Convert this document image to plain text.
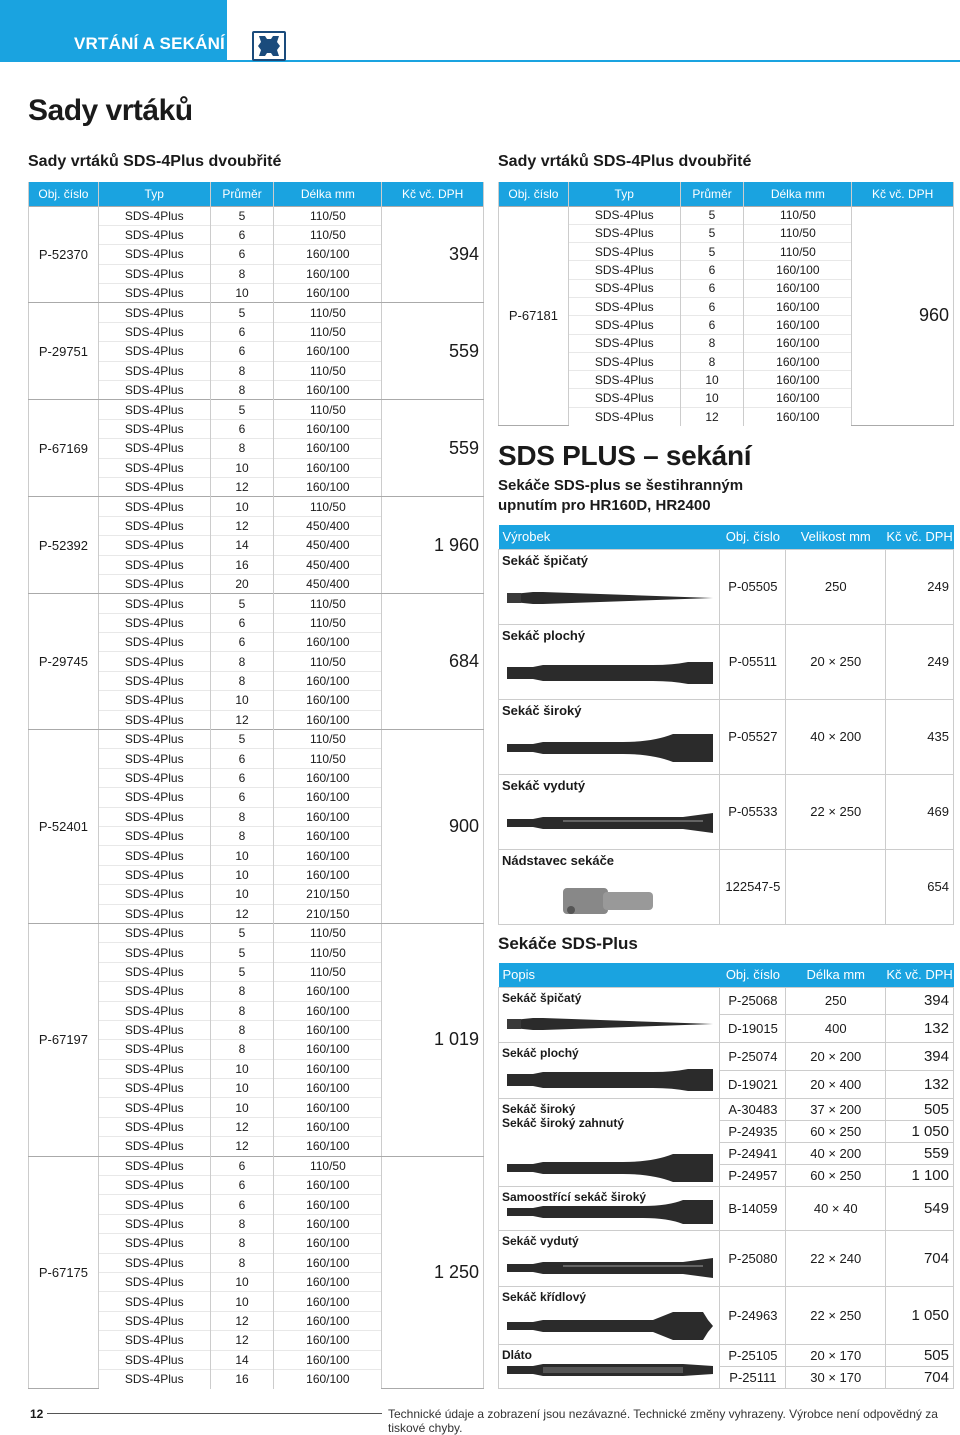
VRTÁNÍ A SEKÁNÍ
Sady vrtáků
Sady vrtáků SDS-4Plus dvoubřité
Obj. číslo	Typ	Průměr	Délka mm	Kč vč. DPH
P-52370	SDS-4Plus	5	110/50	394
	SDS-4Plus	6	110/50	
	SDS-4Plus	6	160/100	
	SDS-4Plus	8	160/100	
	SDS-4Plus	10	160/100	
P-29751	SDS-4Plus	5	110/50	559
	SDS-4Plus	6	110/50	
	SDS-4Plus	6	160/100	
	SDS-4Plus	8	110/50	
	SDS-4Plus	8	160/100	
P-67169	SDS-4Plus	5	110/50	559
	SDS-4Plus	6	160/100	
	SDS-4Plus	8	160/100	
	SDS-4Plus	10	160/100	
	SDS-4Plus	12	160/100	
P-52392	SDS-4Plus	10	110/50	1 960
	SDS-4Plus	12	450/400	
	SDS-4Plus	14	450/400	
	SDS-4Plus	16	450/400	
	SDS-4Plus	20	450/400	
P-29745	SDS-4Plus	5	110/50	684
	SDS-4Plus	6	110/50	
	SDS-4Plus	6	160/100	
	SDS-4Plus	8	110/50	
	SDS-4Plus	8	160/100	
	SDS-4Plus	10	160/100	
	SDS-4Plus	12	160/100	
P-52401	SDS-4Plus	5	110/50	900
	SDS-4Plus	6	110/50	
	SDS-4Plus	6	160/100	
	SDS-4Plus	6	160/100	
	SDS-4Plus	8	160/100	
	SDS-4Plus	8	160/100	
	SDS-4Plus	10	160/100	
	SDS-4Plus	10	160/100	
	SDS-4Plus	10	210/150	
	SDS-4Plus	12	210/150	
P-67197	SDS-4Plus	5	110/50	1 019
	SDS-4Plus	5	110/50	
	SDS-4Plus	5	110/50	
	SDS-4Plus	8	160/100	
	SDS-4Plus	8	160/100	
	SDS-4Plus	8	160/100	
	SDS-4Plus	8	160/100	
	SDS-4Plus	10	160/100	
	SDS-4Plus	10	160/100	
	SDS-4Plus	10	160/100	
	SDS-4Plus	12	160/100	
	SDS-4Plus	12	160/100	
P-67175	SDS-4Plus	6	110/50	1 250
	SDS-4Plus	6	160/100	
	SDS-4Plus	6	160/100	
	SDS-4Plus	8	160/100	
	SDS-4Plus	8	160/100	
	SDS-4Plus	8	160/100	
	SDS-4Plus	10	160/100	
	SDS-4Plus	10	160/100	
	SDS-4Plus	12	160/100	
	SDS-4Plus	12	160/100	
	SDS-4Plus	14	160/100	
	SDS-4Plus	16	160/100	
Sady vrtáků SDS-4Plus dvoubřité
Obj. číslo	Typ	Průměr	Délka mm	Kč vč. DPH
P-67181	SDS-4Plus	5	110/50	960
	SDS-4Plus	5	110/50	
	SDS-4Plus	5	110/50	
	SDS-4Plus	6	160/100	
	SDS-4Plus	6	160/100	
	SDS-4Plus	6	160/100	
	SDS-4Plus	6	160/100	
	SDS-4Plus	8	160/100	
	SDS-4Plus	8	160/100	
	SDS-4Plus	10	160/100	
	SDS-4Plus	10	160/100	
	SDS-4Plus	12	160/100	
SDS PLUS – sekání
Sekáče SDS-plus se šestihranným
upnutím pro HR160D, HR2400
Výrobek	Obj. číslo	Velikost mm	Kč vč. DPH
Sekáč špičatý	P-05505	250	249
Sekáč plochý	P-05511	20 × 250	249
Sekáč široký	P-05527	40 × 200	435
Sekáč vydutý	P-05533	22 × 250	469
Nádstavec sekáče	122547-5		654
Sekáče SDS-Plus
Popis	Obj. číslo	Délka mm	Kč vč. DPH

Sekáč špičatý	P-25068	250	394
	D-19015	400	132

Sekáč plochý	P-25074	20 × 200	394
	D-19021	20 × 400	132

Sekáč široký
Sekáč široký zahnutý	A-30483	37 × 200	505
	P-24935	60 × 250	1 050
	P-24941	40 × 200	559
	P-24957	60 × 250	1 100

Samoostřící sekáč široký	B-14059	40 × 40	549

Sekáč vydutý	P-25080	22 × 240	704

Sekáč křídlový	P-24963	22 × 250	1 050

Dláto	P-25105	20 × 170	505
	P-25111	30 × 170	704
12	Technické údaje a zobrazení jsou nezávazné. Technické změny vyhrazeny. Výrobce není odpovědný za tiskové chyby.
